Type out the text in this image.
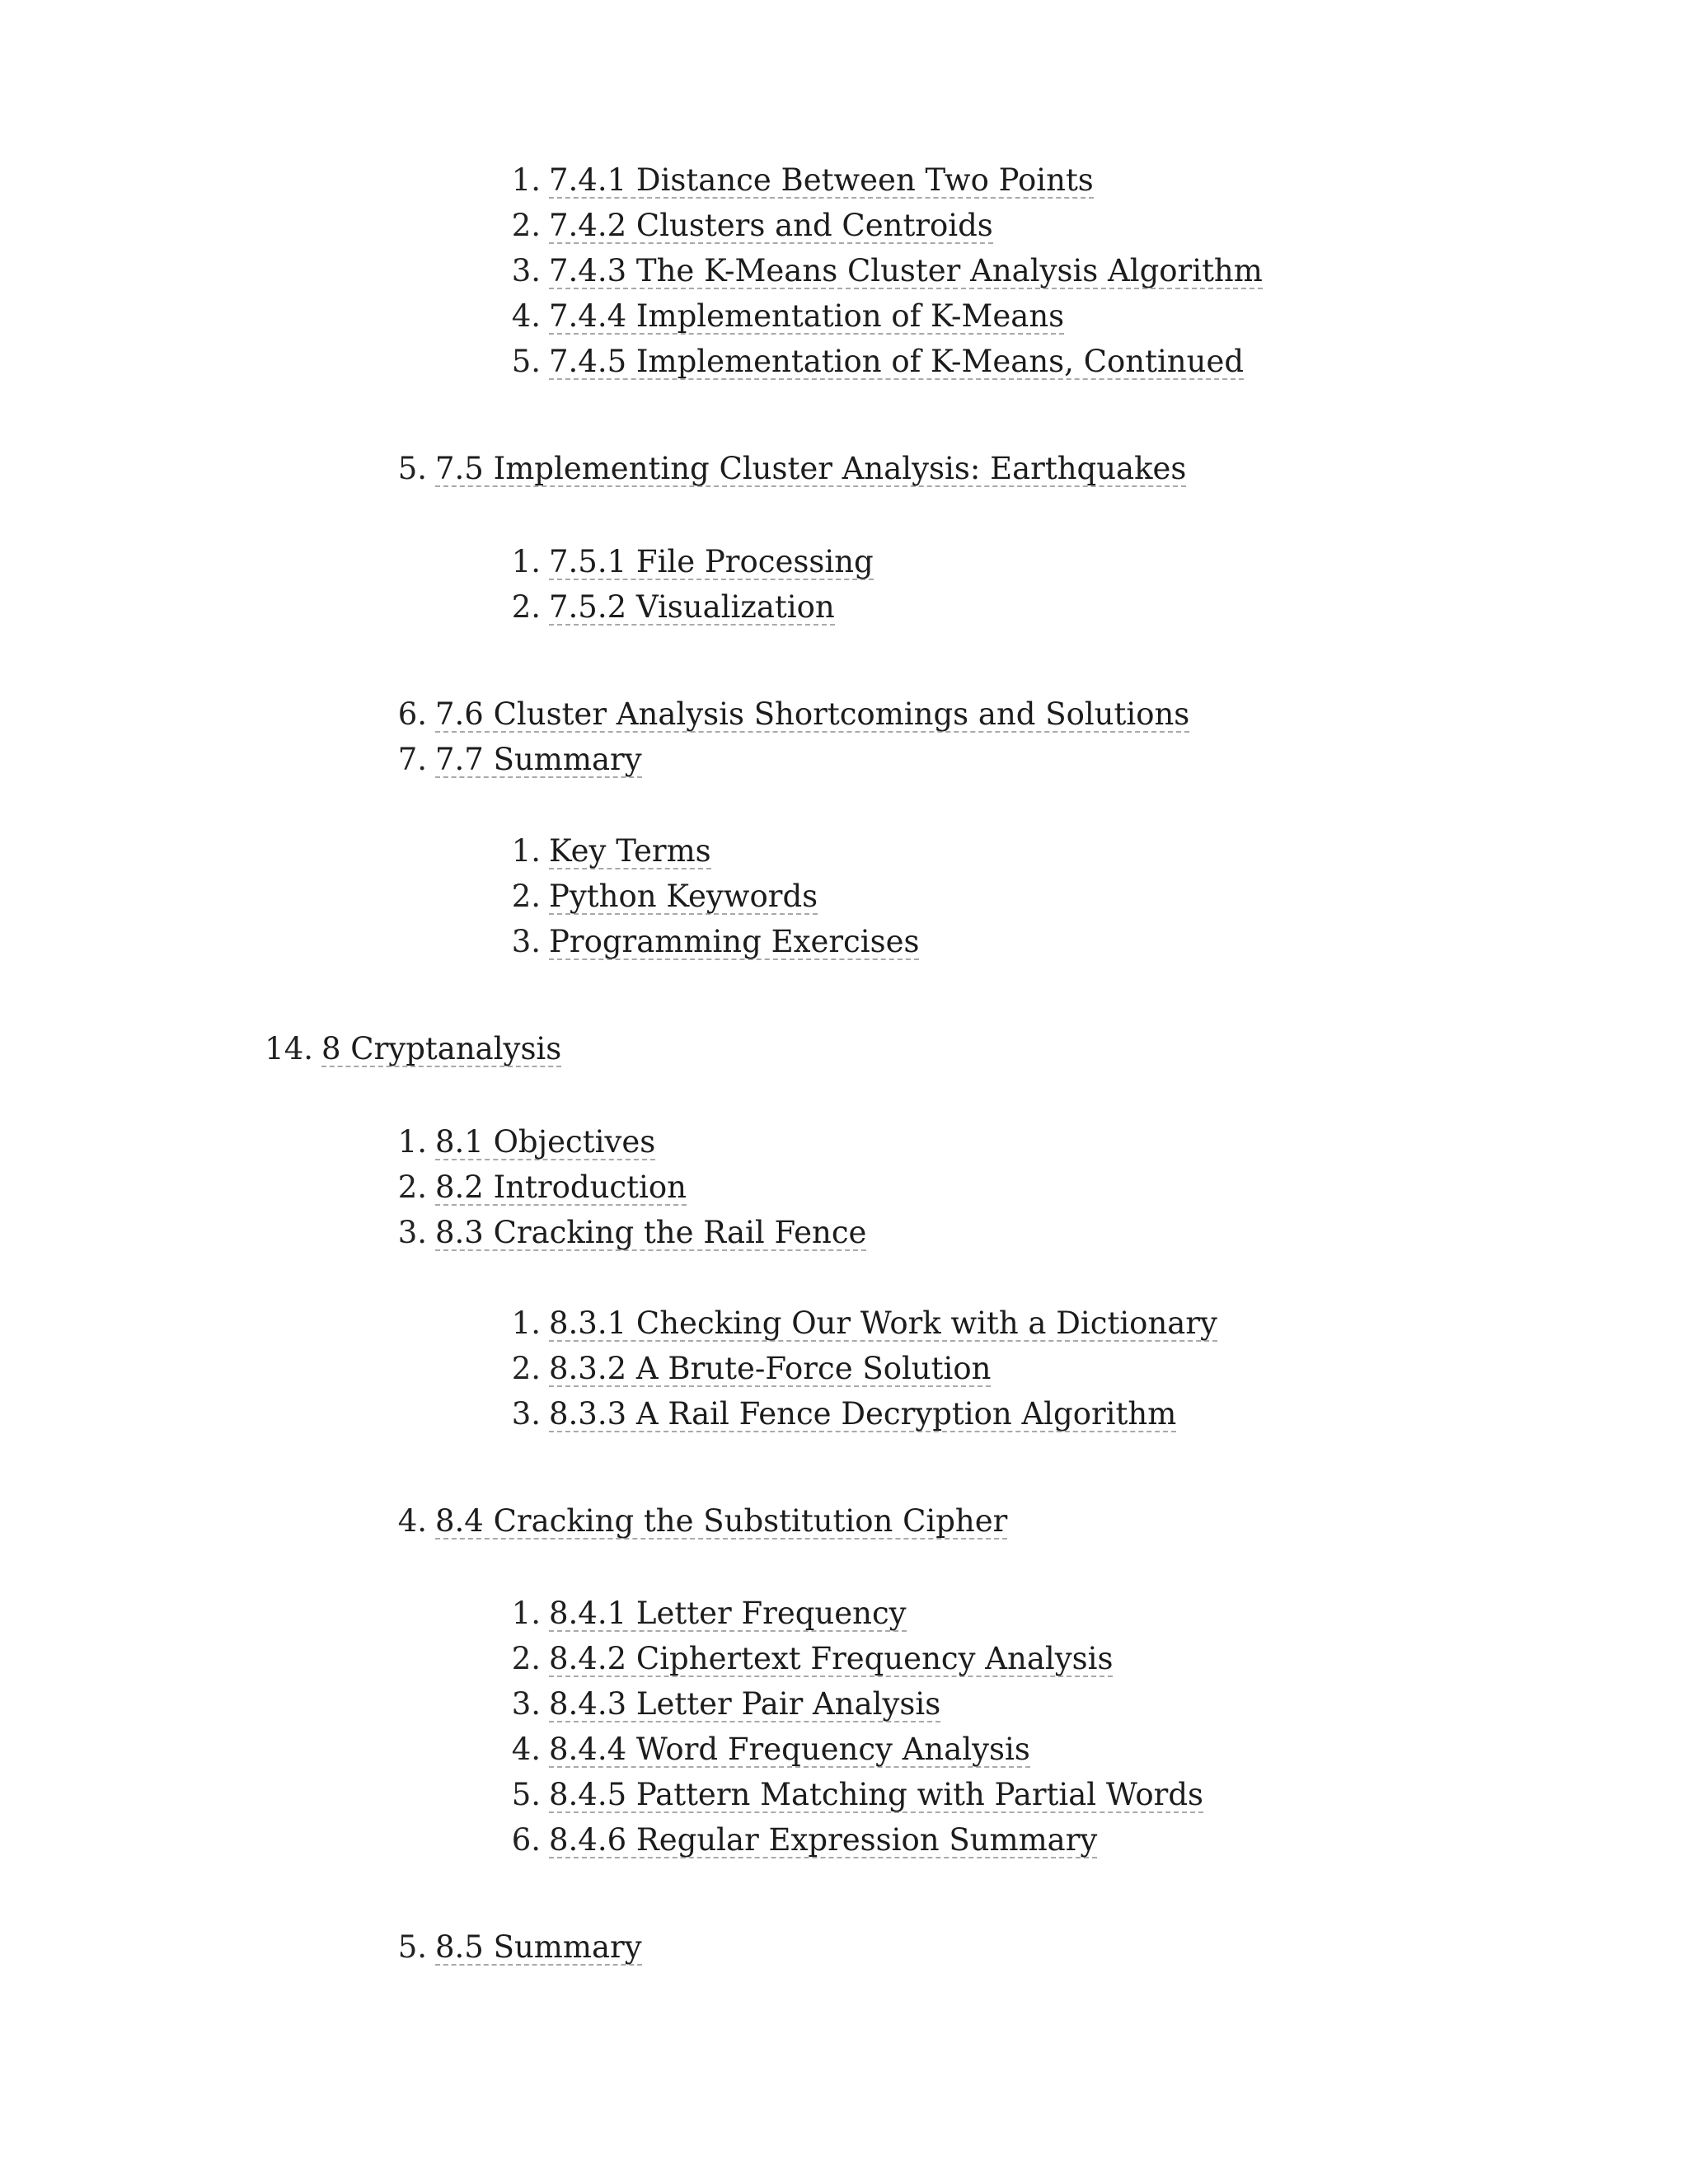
1. 7.4.1 Distance Between Two Points
2. 7.4.2 Clusters and Centroids
3. 7.4.3 The K-Means Cluster Analysis Algorithm
4. 7.4.4 Implementation of K-Means
5. 7.4.5 Implementation of K-Means, Continued
5. 7.5 Implementing Cluster Analysis: Earthquakes
1. 7.5.1 File Processing
2. 7.5.2 Visualization
6. 7.6 Cluster Analysis Shortcomings and Solutions
7. 7.7 Summary
1. Key Terms
2. Python Keywords
3. Programming Exercises
14. 8 Cryptanalysis
1. 8.1 Objectives
2. 8.2 Introduction
3. 8.3 Cracking the Rail Fence
1. 8.3.1 Checking Our Work with a Dictionary
2. 8.3.2 A Brute-Force Solution
3. 8.3.3 A Rail Fence Decryption Algorithm
4. 8.4 Cracking the Substitution Cipher
1. 8.4.1 Letter Frequency
2. 8.4.2 Ciphertext Frequency Analysis
3. 8.4.3 Letter Pair Analysis
4. 8.4.4 Word Frequency Analysis
5. 8.4.5 Pattern Matching with Partial Words
6. 8.4.6 Regular Expression Summary
5. 8.5 Summary
